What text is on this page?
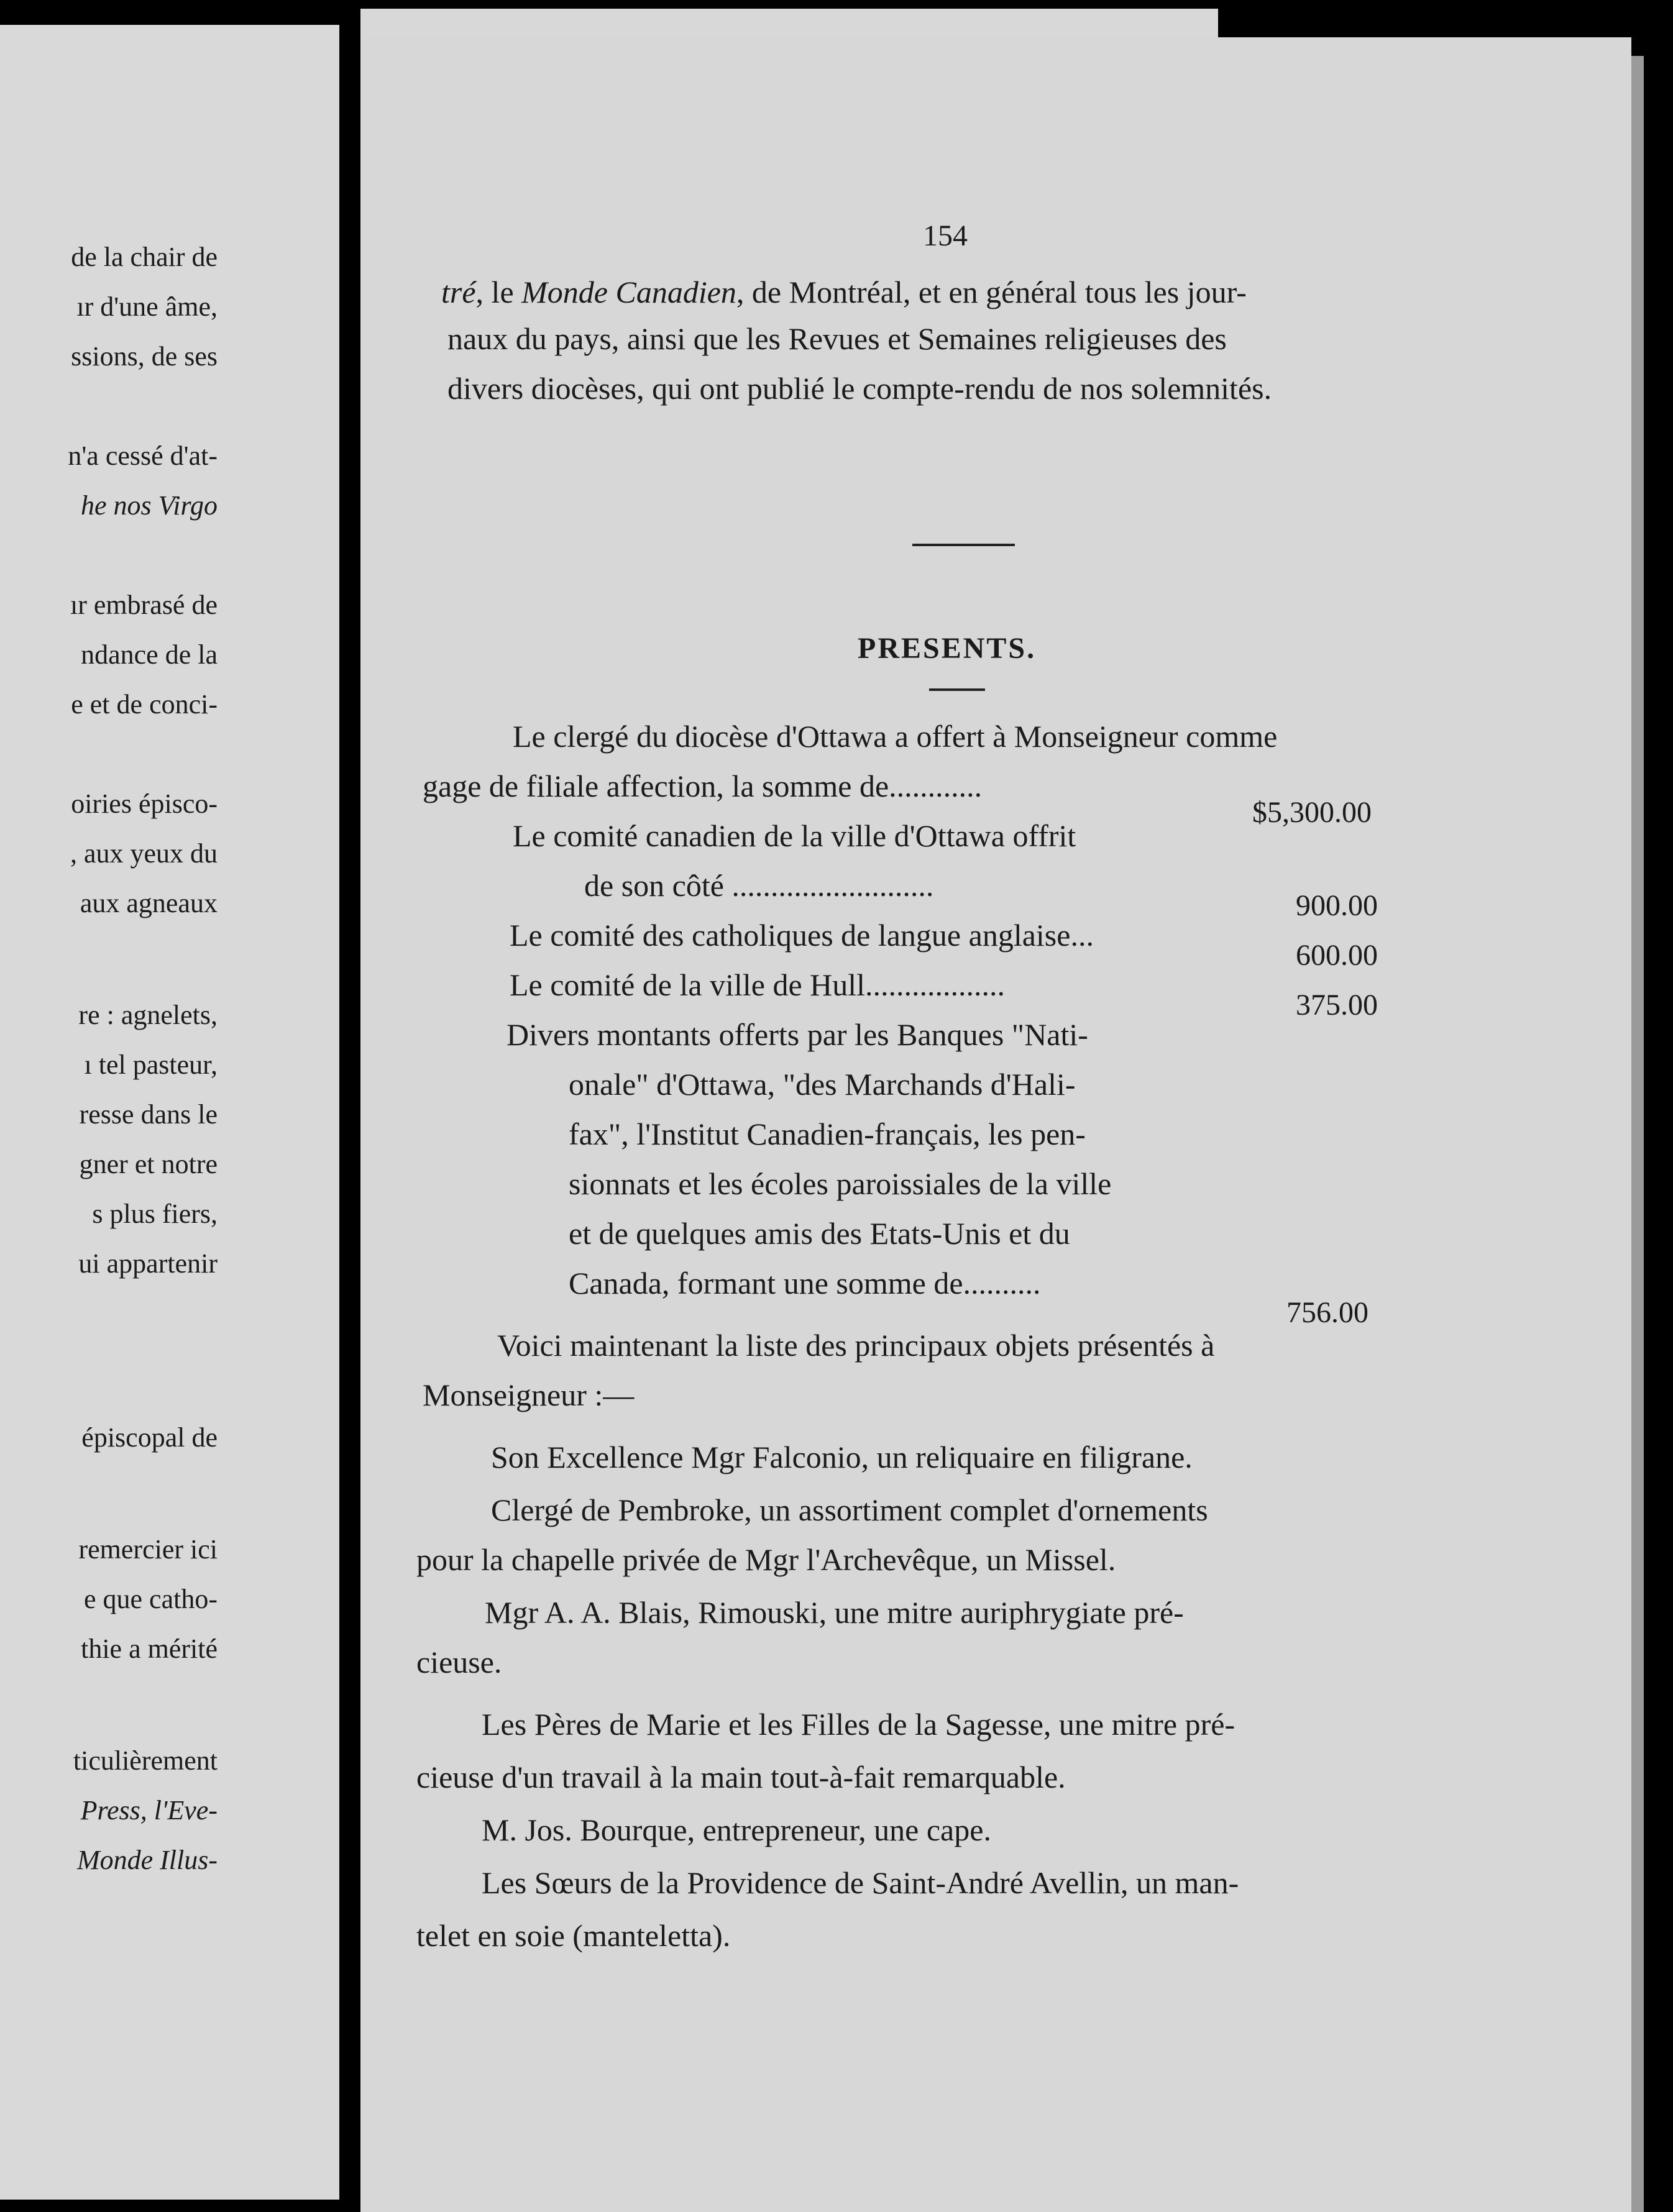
de la chair de
ır d'une âme,
ssions, de ses
n'a cessé d'at-
he nos Virgo
ır embrasé de
ndance de la
e et de conci-
oiries épisco-
, aux yeux du
aux agneaux
re : agnelets,
ı tel pasteur,
resse dans le
gner et notre
s plus fiers,
ui appartenir
épiscopal de
remercier ici
e que catho-
thie a mérité
ticulièrement
Press, l'Eve-
Monde Illus-
154
tré, le Monde Canadien, de Montréal, et en général tous les jour-
naux du pays, ainsi que les Revues et Semaines religieuses des
divers diocèses, qui ont publié le compte-rendu de nos solemnités.
PRESENTS.
Le clergé du diocèse d'Ottawa a offert à Monseigneur comme
gage de filiale affection, la somme de............
$5,300.00
Le comité canadien de la ville d'Ottawa offrit
de son côté ..........................
900.00
Le comité des catholiques de langue anglaise...
600.00
Le comité de la ville de Hull..................
375.00
Divers montants offerts par les Banques "Nati-
onale" d'Ottawa, "des Marchands d'Hali-
fax", l'Institut Canadien-français, les pen-
sionnats et les écoles paroissiales de la ville
et de quelques amis des Etats-Unis et du
Canada, formant une somme de..........
756.00
Voici maintenant la liste des principaux objets présentés à
Monseigneur :—
Son Excellence Mgr Falconio, un reliquaire en filigrane.
Clergé de Pembroke, un assortiment complet d'ornements
pour la chapelle privée de Mgr l'Archevêque, un Missel.
Mgr A. A. Blais, Rimouski, une mitre auriphrygiate pré-
cieuse.
Les Pères de Marie et les Filles de la Sagesse, une mitre pré-
cieuse d'un travail à la main tout-à-fait remarquable.
M. Jos. Bourque, entrepreneur, une cape.
Les Sœurs de la Providence de Saint-André Avellin, un man-
telet en soie (manteletta).
